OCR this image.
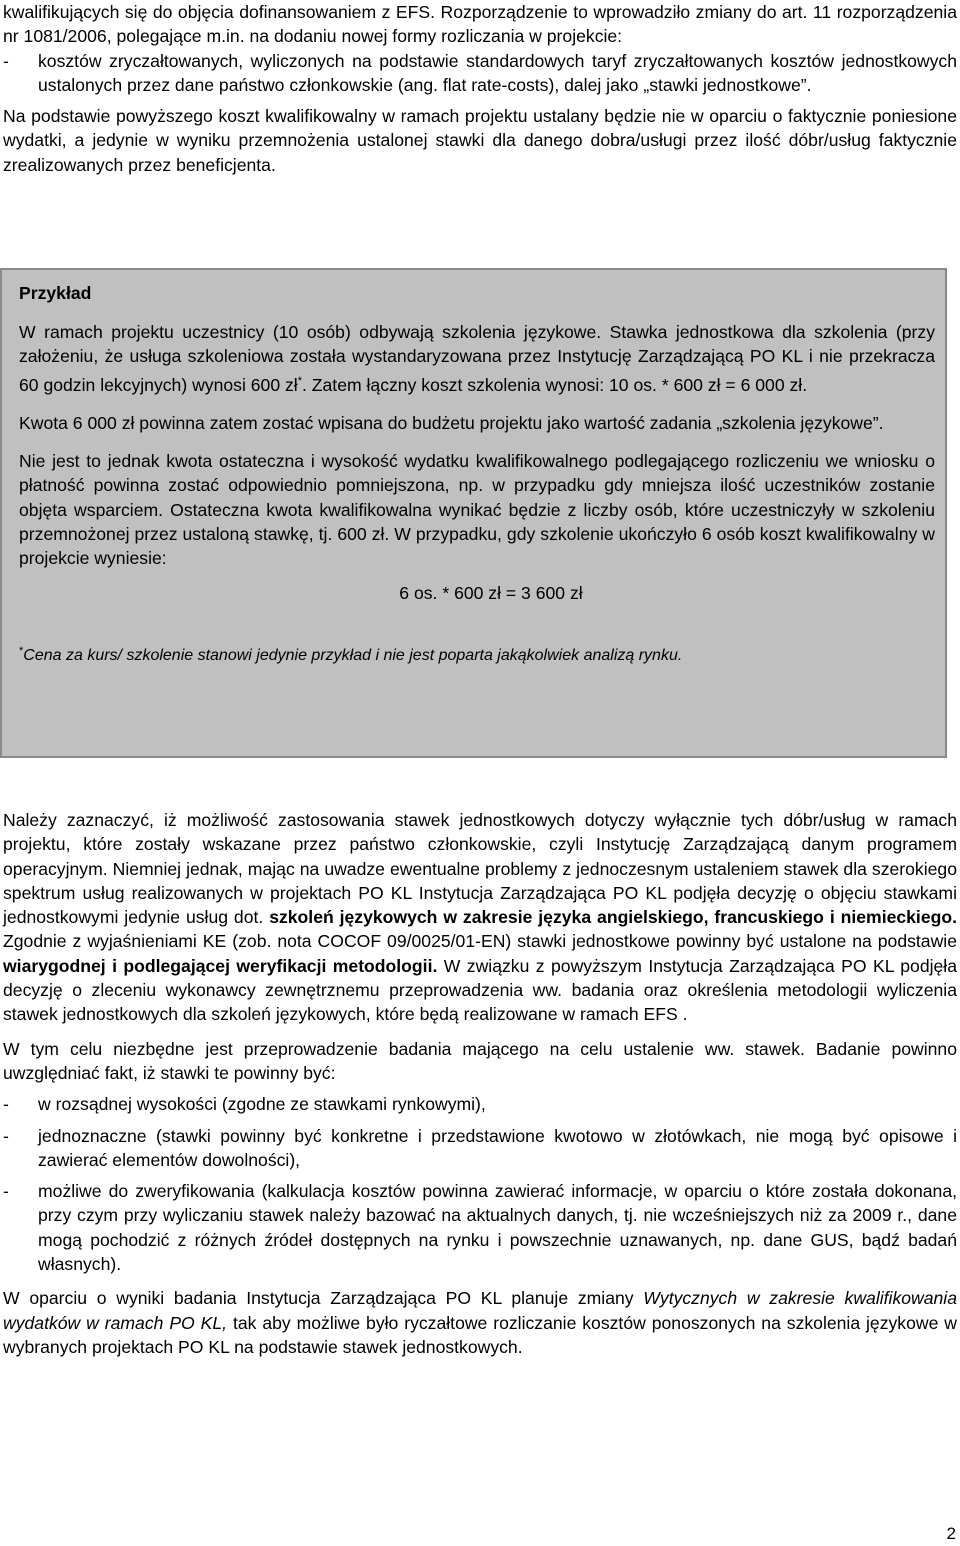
kwalifikujących się do objęcia dofinansowaniem z EFS. Rozporządzenie to wprowadziło zmiany do art. 11 rozporządzenia nr 1081/2006, polegające m.in. na dodaniu nowej formy rozliczania w projekcie:

- kosztów zryczałtowanych, wyliczonych na podstawie standardowych taryf zryczałtowanych kosztów jednostkowych ustalonych przez dane państwo członkowskie (ang. flat rate-costs), dalej jako „stawki jednostkowe”.

Na podstawie powyższego koszt kwalifikowalny w ramach projektu ustalany będzie nie w oparciu o faktycznie poniesione wydatki, a jedynie w wyniku przemnożenia ustalonej stawki dla danego dobra/usługi przez ilość dóbr/usług faktycznie zrealizowanych przez beneficjenta.

Przykład

W ramach projektu uczestnicy (10 osób) odbywają szkolenia językowe. Stawka jednostkowa dla szkolenia (przy założeniu, że usługa szkoleniowa została wystandaryzowana przez Instytucję Zarządzającą PO KL i nie przekracza 60 godzin lekcyjnych) wynosi 600 zł*. Zatem łączny koszt szkolenia wynosi: 10 os. * 600 zł = 6 000 zł.

Kwota 6 000 zł powinna zatem zostać wpisana do budżetu projektu jako wartość zadania „szkolenia językowe”.

Nie jest to jednak kwota ostateczna i wysokość wydatku kwalifikowalnego podlegającego rozliczeniu we wniosku o płatność powinna zostać odpowiednio pomniejszona, np. w przypadku gdy mniejsza ilość uczestników zostanie objęta wsparciem. Ostateczna kwota kwalifikowalna wynikać będzie z liczby osób, które uczestniczyły w szkoleniu przemnożonej przez ustaloną stawkę, tj. 600 zł. W przypadku, gdy szkolenie ukończyło 6 osób koszt kwalifikowalny w projekcie wyniesie:

6 os. * 600 zł = 3 600 zł

*Cena za kurs/ szkolenie stanowi jedynie przykład i nie jest poparta jakąkolwiek analizą rynku.

Należy zaznaczyć, iż możliwość zastosowania stawek jednostkowych dotyczy wyłącznie tych dóbr/usług w ramach projektu, które zostały wskazane przez państwo członkowskie, czyli Instytucję Zarządzającą danym programem operacyjnym. Niemniej jednak, mając na uwadze ewentualne problemy z jednoczesnym ustaleniem stawek dla szerokiego spektrum usług realizowanych w projektach PO KL Instytucja Zarządzająca PO KL podjęła decyzję o objęciu stawkami jednostkowymi jedynie usług dot. szkoleń językowych w zakresie języka angielskiego, francuskiego i niemieckiego. Zgodnie z wyjaśnieniami KE (zob. nota COCOF 09/0025/01-EN) stawki jednostkowe powinny być ustalone na podstawie wiarygodnej i podlegającej weryfikacji metodologii. W związku z powyższym Instytucja Zarządzająca PO KL podjęła decyzję o zleceniu wykonawcy zewnętrznemu przeprowadzenia ww. badania oraz określenia metodologii wyliczenia stawek jednostkowych dla szkoleń językowych, które będą realizowane w ramach EFS .

W tym celu niezbędne jest przeprowadzenie badania mającego na celu ustalenie ww. stawek. Badanie powinno uwzględniać fakt, iż stawki te powinny być:

- w rozsądnej wysokości (zgodne ze stawkami rynkowymi),

- jednoznaczne (stawki powinny być konkretne i przedstawione kwotowo w złotówkach, nie mogą być opisowe i zawierać elementów dowolności),

- możliwe do zweryfikowania (kalkulacja kosztów powinna zawierać informacje, w oparciu o które została dokonana, przy czym przy wyliczaniu stawek należy bazować na aktualnych danych, tj. nie wcześniejszych niż za 2009 r., dane mogą pochodzić z różnych źródeł dostępnych na rynku i powszechnie uznawanych, np. dane GUS, bądź badań własnych).

W oparciu o wyniki badania Instytucja Zarządzająca PO KL planuje zmiany Wytycznych w zakresie kwalifikowania wydatków w ramach PO KL, tak aby możliwe było ryczałtowe rozliczanie kosztów ponoszonych na szkolenia językowe w wybranych projektach PO KL na podstawie stawek jednostkowych.

2
